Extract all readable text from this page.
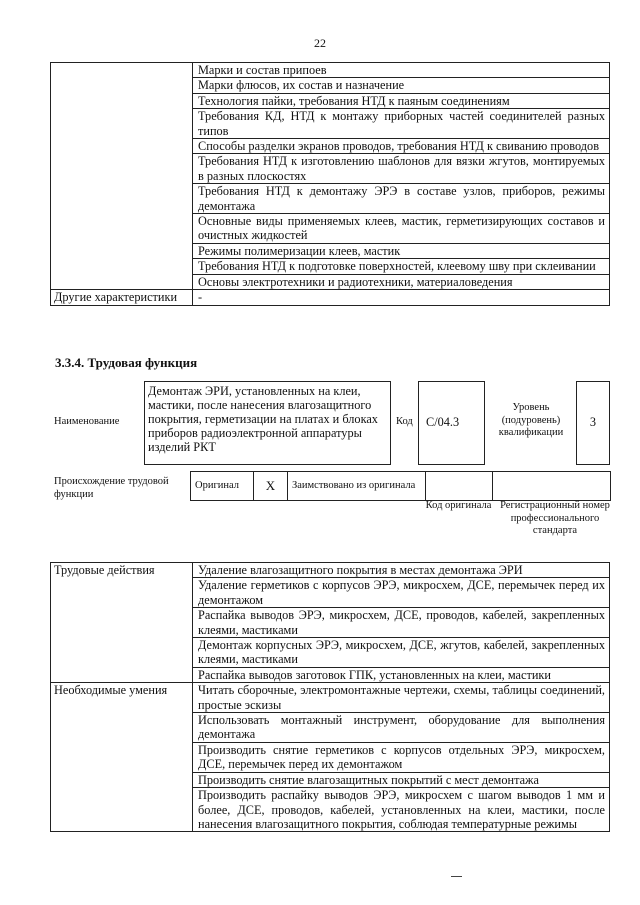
22
	Марки и состав припоев
	Марки флюсов, их состав и назначение
	Технология пайки, требования НТД к паяным соединениям
	Требования КД, НТД к монтажу приборных частей соединителей разных типов
	Способы разделки экранов проводов, требования НТД к свиванию проводов
	Требования НТД к изготовлению шаблонов для вязки жгутов, монтируемых в разных плоскостях
	Требования НТД к демонтажу ЭРЭ в составе узлов, приборов, режимы демонтажа
	Основные виды применяемых клеев, мастик, герметизирующих составов и очистных жидкостей
	Режимы полимеризации клеев, мастик
	Требования НТД к подготовке поверхностей, клеевому шву при склеивании
	Основы электротехники и радиотехники, материаловедения
Другие характеристики	-
3.3.4. Трудовая функция
Наименование
Демонтаж ЭРИ, установленных на клеи, мастики, после нанесения влагозащитного покрытия, герметизации на платах и блоках приборов радиоэлектронной аппаратуры изделий РКТ
Код	С/04.3
Уровень (подуровень) квалификации
3
Происхождение трудовой функции
Оригинал	X	Заимствовано из оригинала		
Код оригинала Регистрационный номер профессионального стандарта
Трудовые действия	Удаление влагозащитного покрытия в местах демонтажа ЭРИ
	Удаление герметиков с корпусов ЭРЭ, микросхем, ДСЕ, перемычек перед их демонтажом
	Распайка выводов ЭРЭ, микросхем, ДСЕ, проводов, кабелей, закрепленных клеями, мастиками
	Демонтаж корпусных ЭРЭ, микросхем, ДСЕ, жгутов, кабелей, закрепленных клеями, мастиками
	Распайка выводов заготовок ГПК, установленных на клеи, мастики
Необходимые умения	Читать сборочные, электромонтажные чертежи, схемы, таблицы соединений, простые эскизы
	Использовать монтажный инструмент, оборудование для выполнения демонтажа
	Производить снятие герметиков с корпусов отдельных ЭРЭ, микросхем, ДСЕ, перемычек перед их демонтажом
	Производить снятие влагозащитных покрытий с мест демонтажа
	Производить распайку выводов ЭРЭ, микросхем с шагом выводов 1 мм и более, ДСЕ, проводов, кабелей, установленных на клеи, мастики, после нанесения влагозащитного покрытия, соблюдая температурные режимы
